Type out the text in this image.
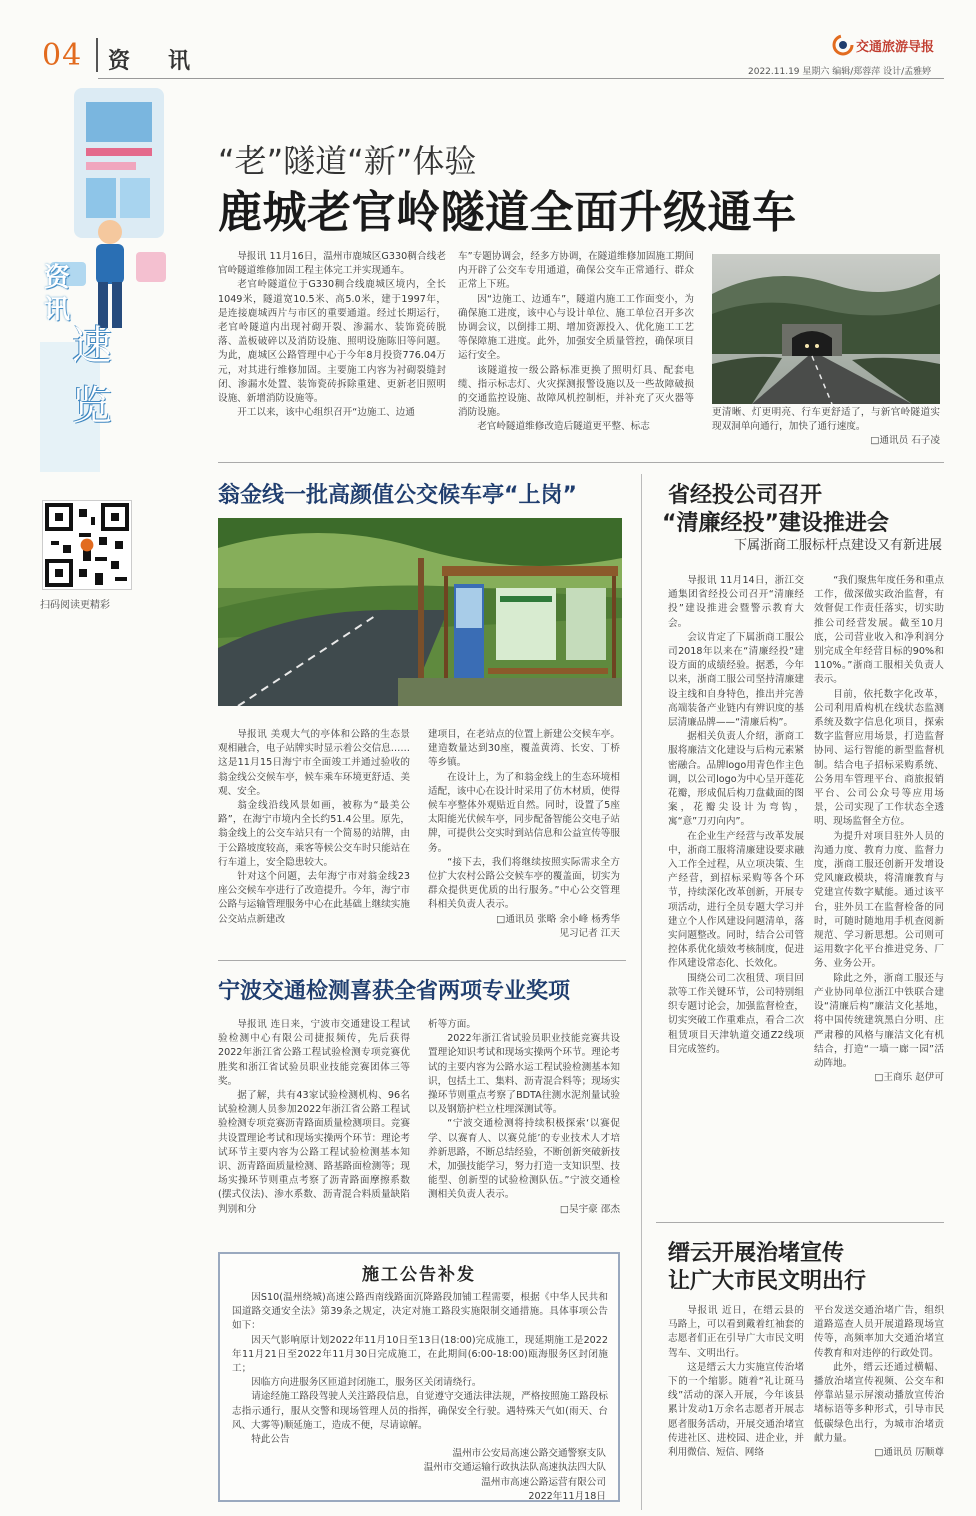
04 资　讯
交通旅游导报
2022.11.19 星期六 编辑/郑蓉萍 设计/孟雅婷
资讯
速览
扫码阅读更精彩
“老”隧道“新”体验
鹿城老官岭隧道全面升级通车

导报讯 11月16日，温州市鹿城区G330稠合线老官岭隧道维修加固工程主体完工并实现通车。

老官岭隧道位于G330稠合线鹿城区境内，全长1049米，隧道宽10.5米、高5.0米，建于1997年，是连接鹿城西片与市区的重要通道。经过长期运行，老官岭隧道内出现衬砌开裂、渗漏水、装饰瓷砖脱落、盖板破碎以及消防设施、照明设施陈旧等问题。为此，鹿城区公路管理中心于今年8月投资776.04万元，对其进行维修加固。主要施工内容为衬砌裂缝封闭、渗漏水处置、装饰瓷砖拆除重建、更新老旧照明设施、新增消防设施等。

开工以来，该中心组织召开“边施工、边通

车”专题协调会，经多方协调，在隧道维修加固施工期间内开辟了公交车专用通道，确保公交车正常通行、群众正常上下班。

因“边施工、边通车”，隧道内施工工作面变小，为确保施工进度，该中心与设计单位、施工单位召开多次协调会议，以倒排工期、增加资源投入、优化施工工艺等保障施工进度。此外，加强安全质量管控，确保项目运行安全。

该隧道按一级公路标准更换了照明灯具、配套电缆、指示标志灯、火灾探测报警设施以及一些故障破损的交通监控设施、故障风机控制柜，并补充了灭火器等消防设施。

老官岭隧道维修改造后隧道更平整、标志

更清晰、灯更明亮、行车更舒适了，与新官岭隧道实现双洞单向通行，加快了通行速度。
□通讯员 石子凌
翁金线一批高颜值公交候车亭“上岗”

导报讯 美观大气的亭体和公路的生态景观相融合，电子站牌实时显示着公交信息……这是11月15日海宁市全面竣工并通过验收的翁金线公交候车亭，候车乘车环境更舒适、美观、安全。

翁金线沿线风景如画，被称为“最美公路”，在海宁市境内全长约51.4公里。原先，翁金线上的公交车站只有一个简易的站牌，由于公路坡度较高，乘客等候公交车时只能站在行车道上，安全隐患较大。

针对这个问题，去年海宁市对翁金线23座公交候车亭进行了改造提升。今年，海宁市公路与运输管理服务中心在此基础上继续实施公交站点新建改

建项目，在老站点的位置上新建公交候车亭。建造数量达到30座，覆盖黄湾、长安、丁桥等乡镇。

在设计上，为了和翁金线上的生态环境相适配，该中心在设计时采用了仿木材质，使得候车亭整体外观贴近自然。同时，设置了5座太阳能光伏候车亭，同步配备智能公交电子站牌，可提供公交实时到站信息和公益宣传等服务。

“接下去，我们将继续按照实际需求全方位扩大农村公路公交候车亭的覆盖面，切实为群众提供更优质的出行服务。”中心公交管理科相关负责人表示。

□通讯员 张略 余小峰 杨秀华
见习记者 江天
宁波交通检测喜获全省两项专业奖项

导报讯 连日来，宁波市交通建设工程试验检测中心有限公司捷报频传，先后获得2022年浙江省公路工程试验检测专项竞赛优胜奖和浙江省试验员职业技能竞赛团体三等奖。

据了解，共有43家试验检测机构、96名试验检测人员参加2022年浙江省公路工程试验检测专项竞赛沥青路面质量检测项目。竞赛共设置理论考试和现场实操两个环节：理论考试环节主要内容为公路工程试验检测基本知识、沥青路面质量检测、路基路面检测等；现场实操环节则重点考察了沥青路面摩擦系数(摆式仪法)、渗水系数、沥青混合料质量缺陷判别和分

析等方面。

2022年浙江省试验员职业技能竞赛共设置理论知识考试和现场实操两个环节。理论考试的主要内容为公路水运工程试验检测基本知识，包括土工、集料、沥青混合料等；现场实操环节则重点考察了BDTA往测水泥剂量试验以及钢筋护栏立柱埋深测试等。

“宁波交通检测将持续积极探索‘以赛促学、以赛育人、以赛兑能’的专业技术人才培养新思路，不断总结经验，不断创新突破新技术，加强技能学习，努力打造一支知识型、技能型、创新型的试验检测队伍。”宁波交通检测相关负责人表示。

□吴宇豪 邵杰
施工公告补发

因S10(温州绕城)高速公路西南线路面沉降路段加铺工程需要，根据《中华人民共和国道路交通安全法》第39条之规定，决定对施工路段实施限制交通措施。具体事项公告如下：

因天气影响原计划2022年11月10日至13日(18:00)完成施工，现延期施工是2022年11月21日至2022年11月30日完成施工，在此期间(6:00-18:00)瓯海服务区封闭施工；

因临方向进服务区匝道封闭施工，服务区关闭请绕行。

请途经施工路段驾驶人关注路段信息，自觉遵守交通法律法规，严格按照施工路段标志指示通行，服从交警和现场管理人员的指挥，确保安全行驶。遇特殊天气如(雨天、台风、大雾等)顺延施工，造成不便，尽请谅解。

特此公告

温州市公安局高速公路交通警察支队
温州市交通运输行政执法队高速执法四大队
温州市高速公路运营有限公司
2022年11月18日
省经投公司召开
“清廉经投”建设推进会
下属浙商工服标杆点建设又有新进展

导报讯 11月14日，浙江交通集团省经投公司召开“清廉经投”建设推进会暨警示教育大会。

会议肯定了下属浙商工服公司2018年以来在“清廉经投”建设方面的成绩经验。据悉，今年以来，浙商工服公司坚持清廉建设主线和自身特色，推出并完善高端装备产业链内有辨识度的基层清廉品牌——“清廉后构”。

据相关负责人介绍，浙商工服将廉洁文化建设与后构元素紧密融合。品牌logo用青色作主色调，以公司logo为中心呈开莲花花瓣，形成侃后构刀盘截面的图案，花瓣尖设计为弯钩，寓“意”刀刃向内”。

在企业生产经营与改革发展中，浙商工服将清廉建设要求融入工作全过程，从立项决策、生产经营，到招标采购等各个环节，持续深化改革创新，开展专项活动，进行全员专题大学习并建立个人作风建设问题清单，落实问题整改。同时，结合公司管控体系优化绩效考核制度，促进作风建设常态化、长效化。

围绕公司二次租赁、项目回款等工作关键环节，公司特别组织专题讨论会，加强监督检查，切实突破工作重难点，看合二次租赁项目天津轨道交通Z2线项目完成签约。

“我们聚焦年度任务和重点工作，做深做实政治监督，有效督促工作责任落实，切实助推公司经营发展。截至10月底，公司营业收入和净利润分别完成全年经营目标的90%和110%。”浙商工服相关负责人表示。

目前，依托数字化改革，公司利用盾构机在线状态监测系统及数字信息化项目，探索数字监督应用场景，打造监督协同、运行智能的新型监督机制。结合电子招标采购系统、公务用车管理平台、商旅报销平台、公司公众号等应用场景，公司实现了工作状态全透明、现场监督全方位。

为提升对项目驻外人员的沟通力度、教育力度、监督力度，浙商工服还创新开发增设党风廉政模块，将清廉教育与党建宣传数字赋能。通过该平台，驻外员工在监督检备的同时，可随时随地用手机查阅新规范、学习新思想。公司则可运用数字化平台推进党务、厂务、业务公开。

除此之外，浙商工服还与产业协同单位浙江中铁联合建设“清廉后构”廉洁文化基地，将中国传统建筑黑白分明、庄严肃穆的风格与廉洁文化有机结合，打造“一墙一廊一园”活动阵地。

□王商乐 赵伊可
缙云开展治堵宣传
让广大市民文明出行

导报讯 近日，在缙云县的马路上，可以看到戴着红袖套的志愿者们正在引导广大市民文明驾车、文明出行。

这是缙云大力实施宣传治堵下的一个缩影。随着“礼让斑马线”活动的深入开展，今年该县累计发动1万余名志愿者开展志愿者服务活动，开展交通治堵宣传进社区、进校园、进企业，并利用微信、短信、网络

平台发送交通治堵广告，组织道路巡查人员开展道路现场宣传等，高频率加大交通治堵宣传教育和对违停的行政处罚。

此外，缙云还通过横幅、播放治堵宣传视频、公交车和停靠站显示屏滚动播放宣传治堵标语等多种形式，引导市民低碳绿色出行，为城市治堵贡献力量。

□通讯员 厉顺尊
